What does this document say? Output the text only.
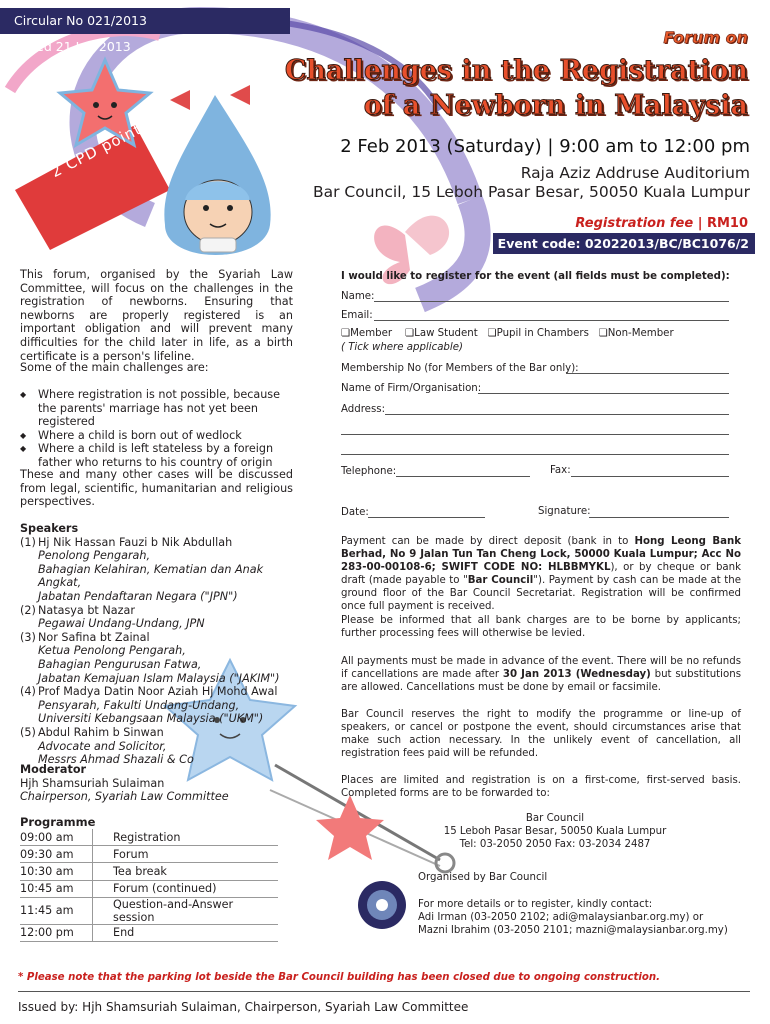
Circular No 021/2013 Dated 21 Jan 2013
2 CPD points
Forum on
Challenges in the Registration
of a Newborn in Malaysia
2 Feb 2013 (Saturday) | 9:00 am to 12:00 pm
Raja Aziz Addruse Auditorium
Bar Council, 15 Leboh Pasar Besar, 50050 Kuala Lumpur
Registration fee | RM10
Event code: 02022013/BC/BC1076/2
This forum, organised by the Syariah Law Committee, will focus on the challenges in the registration of newborns. Ensuring that newborns are properly registered is an important obligation and will prevent many difficulties for the child later in life, as a birth certificate is a person's lifeline.
Some of the main challenges are:
◆ Where registration is not possible, because the parents' marriage has not yet been registered
◆ Where a child is born out of wedlock
◆ Where a child is left stateless by a foreign father who returns to his country of origin
These and many other cases will be discussed from legal, scientific, humanitarian and religious perspectives.
Speakers
(1) Hj Nik Hassan Fauzi b Nik Abdullah
Penolong Pengarah,
Bahagian Kelahiran, Kematian dan Anak Angkat,
Jabatan Pendaftaran Negara ("JPN")
(2) Natasya bt Nazar
Pegawai Undang-Undang, JPN
(3) Nor Safina bt Zainal
Ketua Penolong Pengarah,
Bahagian Pengurusan Fatwa,
Jabatan Kemajuan Islam Malaysia ("JAKIM")
(4) Prof Madya Datin Noor Aziah Hj Mohd Awal
Pensyarah, Fakulti Undang-Undang,
Universiti Kebangsaan Malaysia ("UKM")
(5) Abdul Rahim b Sinwan
Advocate and Solicitor,
Messrs Ahmad Shazali & Co
Moderator
Hjh Shamsuriah Sulaiman
Chairperson, Syariah Law Committee
Programme
09:00 am	Registration
09:30 am	Forum
10:30 am	Tea break
10:45 am	Forum (continued)
11:45 am	Question-and-Answer session
12:00 pm	End
I would like to register for the event (all fields must be completed):
Name:
Email:
❏Member ❏Law Student ❏Pupil in Chambers ❏Non-Member
( Tick where applicable)
Membership No (for Members of the Bar only):
Name of Firm/Organisation:
Address:
Telephone:	Fax:
Date:	Signature:
Payment can be made by direct deposit (bank in to Hong Leong Bank Berhad, No 9 Jalan Tun Tan Cheng Lock, 50000 Kuala Lumpur; Acc No 283-00-00108-6; SWIFT CODE NO: HLBBMYKL), or by cheque or bank draft (made payable to "Bar Council"). Payment by cash can be made at the ground floor of the Bar Council Secretariat. Registration will be confirmed once full payment is received.
Please be informed that all bank charges are to be borne by applicants; further processing fees will otherwise be levied.
All payments must be made in advance of the event. There will be no refunds if cancellations are made after 30 Jan 2013 (Wednesday) but substitutions are allowed. Cancellations must be done by email or facsimile.
Bar Council reserves the right to modify the programme or line-up of speakers, or cancel or postpone the event, should circumstances arise that make such action necessary. In the unlikely event of cancellation, all registration fees paid will be refunded.
Places are limited and registration is on a first-come, first-served basis. Completed forms are to be forwarded to:
Bar Council
15 Leboh Pasar Besar, 50050 Kuala Lumpur
Tel: 03-2050 2050 Fax: 03-2034 2487
Organised by Bar Council
For more details or to register, kindly contact:
Adi Irman (03-2050 2102; adi@malaysianbar.org.my) or
Mazni Ibrahim (03-2050 2101; mazni@malaysianbar.org.my)
* Please note that the parking lot beside the Bar Council building has been closed due to ongoing construction.
Issued by: Hjh Shamsuriah Sulaiman, Chairperson, Syariah Law Committee
